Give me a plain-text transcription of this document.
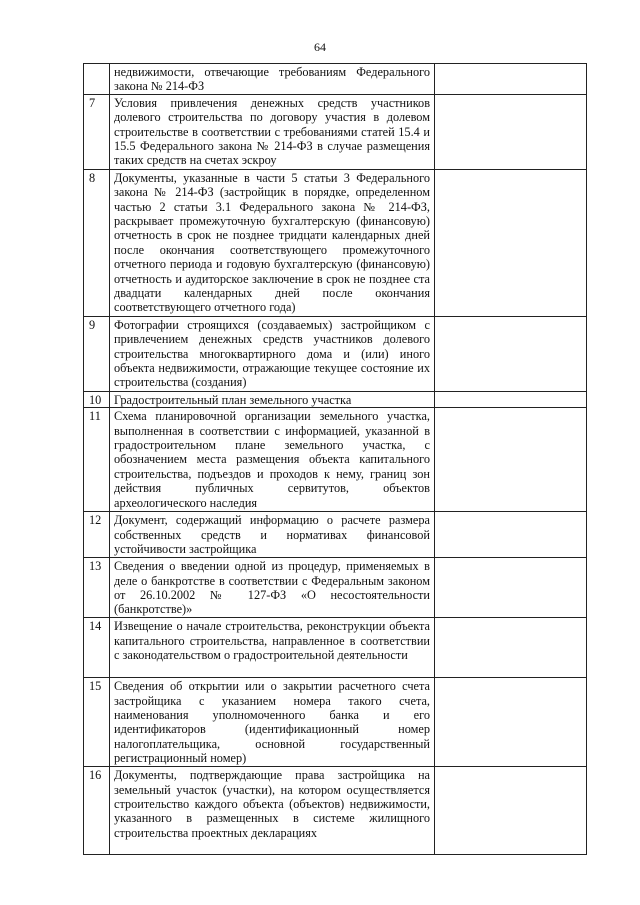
64
	недвижимости, отвечающие требованиям Федерального закона № 214-ФЗ	
7	Условия привлечения денежных средств участников долевого строительства по договору участия в долевом строительстве в соответствии с требованиями статей 15.4 и 15.5 Федерального закона № 214-ФЗ в случае размещения таких средств на счетах эскроу	
8	Документы, указанные в части 5 статьи 3 Федерального закона № 214-ФЗ (застройщик в порядке, определенном частью 2 статьи 3.1 Федерального закона № 214-ФЗ, раскрывает промежуточную бухгалтерскую (финансовую) отчетность в срок не позднее тридцати календарных дней после окончания соответствующего промежуточного отчетного периода и годовую бухгалтерскую (финансовую) отчетность и аудиторское заключение в срок не позднее ста двадцати календарных дней после окончания соответствующего отчетного года)	
9	Фотографии строящихся (создаваемых) застройщиком с привлечением денежных средств участников долевого строительства многоквартирного дома и (или) иного объекта недвижимости, отражающие текущее состояние их строительства (создания)	
10	Градостроительный план земельного участка	
11	Схема планировочной организации земельного участка, выполненная в соответствии с информацией, указанной в градостроительном плане земельного участка, с обозначением места размещения объекта капитального строительства, подъездов и проходов к нему, границ зон действия публичных сервитутов, объектов археологического наследия	
12	Документ, содержащий информацию о расчете размера собственных средств и нормативах финансовой устойчивости застройщика	
13	Сведения о введении одной из процедур, применяемых в деле о банкротстве в соответствии с Федеральным законом от 26.10.2002 № 127-ФЗ «О несостоятельности (банкротстве)»	
14	Извещение о начале строительства, реконструкции объекта капитального строительства, направленное в соответствии с законодательством о градостроительной деятельности	
15	Сведения об открытии или о закрытии расчетного счета застройщика с указанием номера такого счета, наименования уполномоченного банка и его идентификаторов (идентификационный номер налогоплательщика, основной государственный регистрационный номер)	
16	Документы, подтверждающие права застройщика на земельный участок (участки), на котором осуществляется строительство каждого объекта (объектов) недвижимости, указанного в размещенных в системе жилищного строительства проектных декларациях	
